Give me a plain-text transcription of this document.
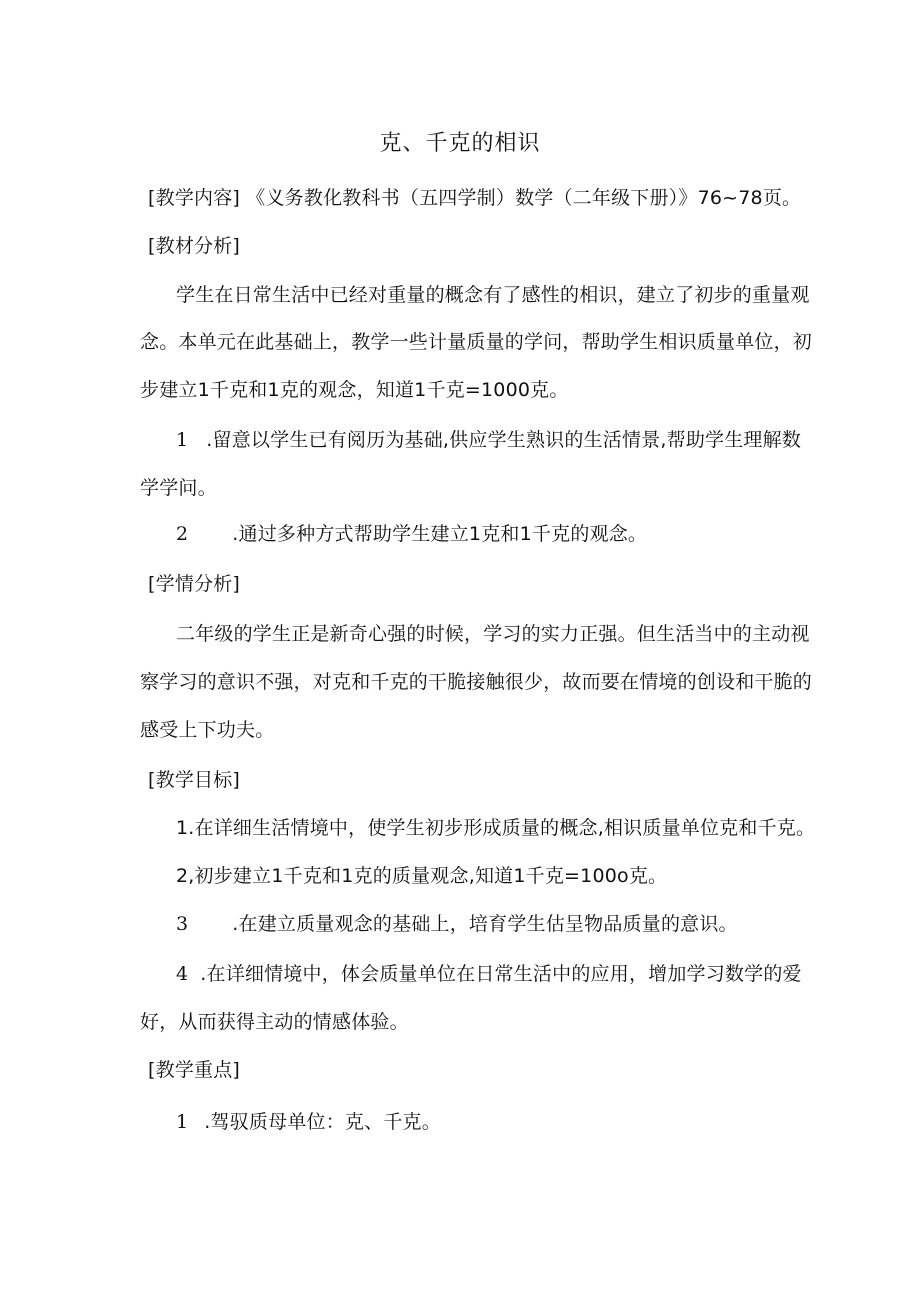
克、千克的相识
[教学内容] 《义务教化教科书（五四学制）数学（二年级下册）》76~78页。
[教材分析]
学生在日常生活中已经对重量的概念有了感性的相识，建立了初步的重量观
念。本单元在此基础上，教学一些计量质量的学问，帮助学生相识质量单位，初
步建立1千克和1克的观念，知道1千克=1000克。
1 .留意以学生已有阅历为基础,供应学生熟识的生活情景,帮助学生理解数
学学问。
2 .通过多种方式帮助学生建立1克和1千克的观念。
[学情分析]
二年级的学生正是新奇心强的时候，学习的实力正强。但生活当中的主动视
察学习的意识不强，对克和千克的干脆接触很少，故而要在情境的创设和干脆的
感受上下功夫。
[教学目标]
1.在详细生活情境中，使学生初步形成质量的概念,相识质量单位克和千克。
2,初步建立1千克和1克的质量观念,知道1千克=100o克。
3 .在建立质量观念的基础上，培育学生估呈物品质量的意识。
4 .在详细情境中，体会质量单位在日常生活中的应用，增加学习数学的爱
好，从而获得主动的情感体验。
[教学重点]
1 .驾驭质母单位：克、千克。
